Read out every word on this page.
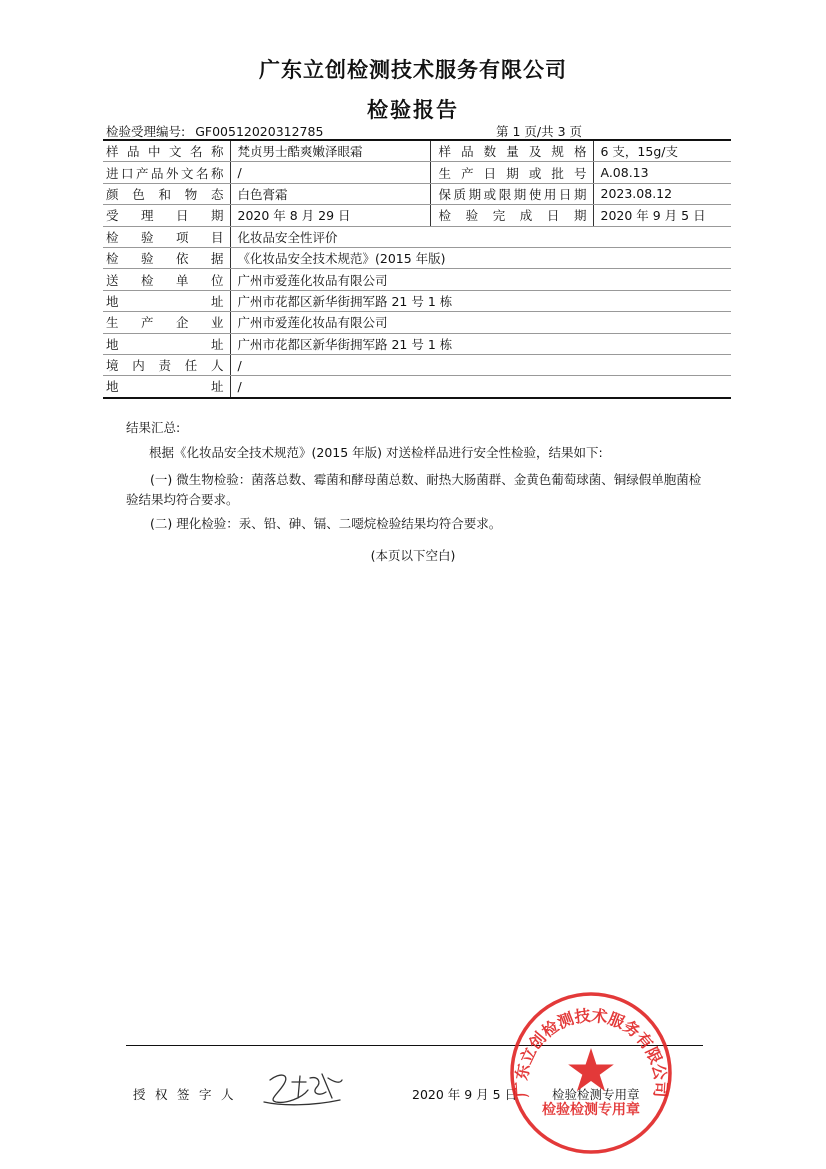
广东立创检测技术服务有限公司
检验报告
检验受理编号: GF00512020312785	第 1 页/共 3 页
样品中文名称	梵贞男士酷爽嫩泽眼霜	样品数量及规格	6 支，15g/支
进口产品外文名称	/	生产日期或批号	A.08.13
颜色和物态	白色膏霜	保质期或限期使用日期	2023.08.12
受理日期	2020 年 8 月 29 日	检验完成日期	2020 年 9 月 5 日
检验项目	化妆品安全性评价		
检验依据	《化妆品安全技术规范》(2015 年版)		
送检单位	广州市爱莲化妆品有限公司		
地址	广州市花都区新华街拥军路 21 号 1 栋		
生产企业	广州市爱莲化妆品有限公司		
地址	广州市花都区新华街拥军路 21 号 1 栋		
境内责任人	/		
地址	/		
结果汇总:
根据《化妆品安全技术规范》(2015 年版) 对送检样品进行安全性检验，结果如下:
(一) 微生物检验：菌落总数、霉菌和酵母菌总数、耐热大肠菌群、金黄色葡萄球菌、铜绿假单胞菌检验结果均符合要求。
(二) 理化检验：汞、铅、砷、镉、二噁烷检验结果均符合要求。
(本页以下空白)
授权签字人	2020 年 9 月 5 日	检验检测专用章
广东立创检测技术服务有限公司
检验检测专用章
